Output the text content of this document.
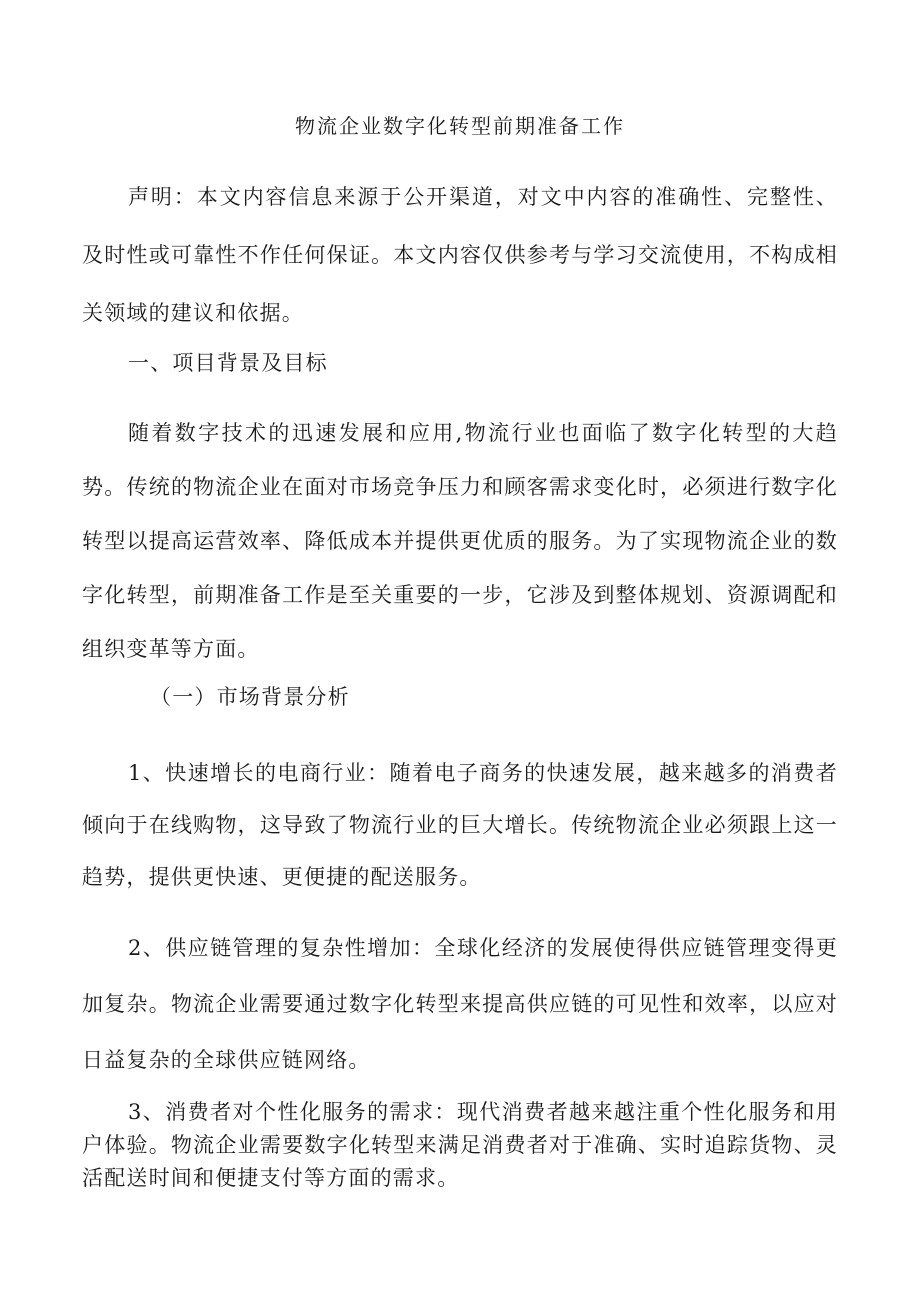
物流企业数字化转型前期准备工作

声明：本文内容信息来源于公开渠道，对文中内容的准确性、完整性、及时性或可靠性不作任何保证。本文内容仅供参考与学习交流使用，不构成相关领域的建议和依据。

一、项目背景及目标

随着数字技术的迅速发展和应用,物流行业也面临了数字化转型的大趋势。传统的物流企业在面对市场竞争压力和顾客需求变化时，必须进行数字化转型以提高运营效率、降低成本并提供更优质的服务。为了实现物流企业的数字化转型，前期准备工作是至关重要的一步，它涉及到整体规划、资源调配和组织变革等方面。

（一）市场背景分析

1、快速增长的电商行业：随着电子商务的快速发展，越来越多的消费者倾向于在线购物，这导致了物流行业的巨大增长。传统物流企业必须跟上这一趋势，提供更快速、更便捷的配送服务。

2、供应链管理的复杂性增加：全球化经济的发展使得供应链管理变得更加复杂。物流企业需要通过数字化转型来提高供应链的可见性和效率，以应对日益复杂的全球供应链网络。

3、消费者对个性化服务的需求：现代消费者越来越注重个性化服务和用户体验。物流企业需要数字化转型来满足消费者对于准确、实时追踪货物、灵活配送时间和便捷支付等方面的需求。
